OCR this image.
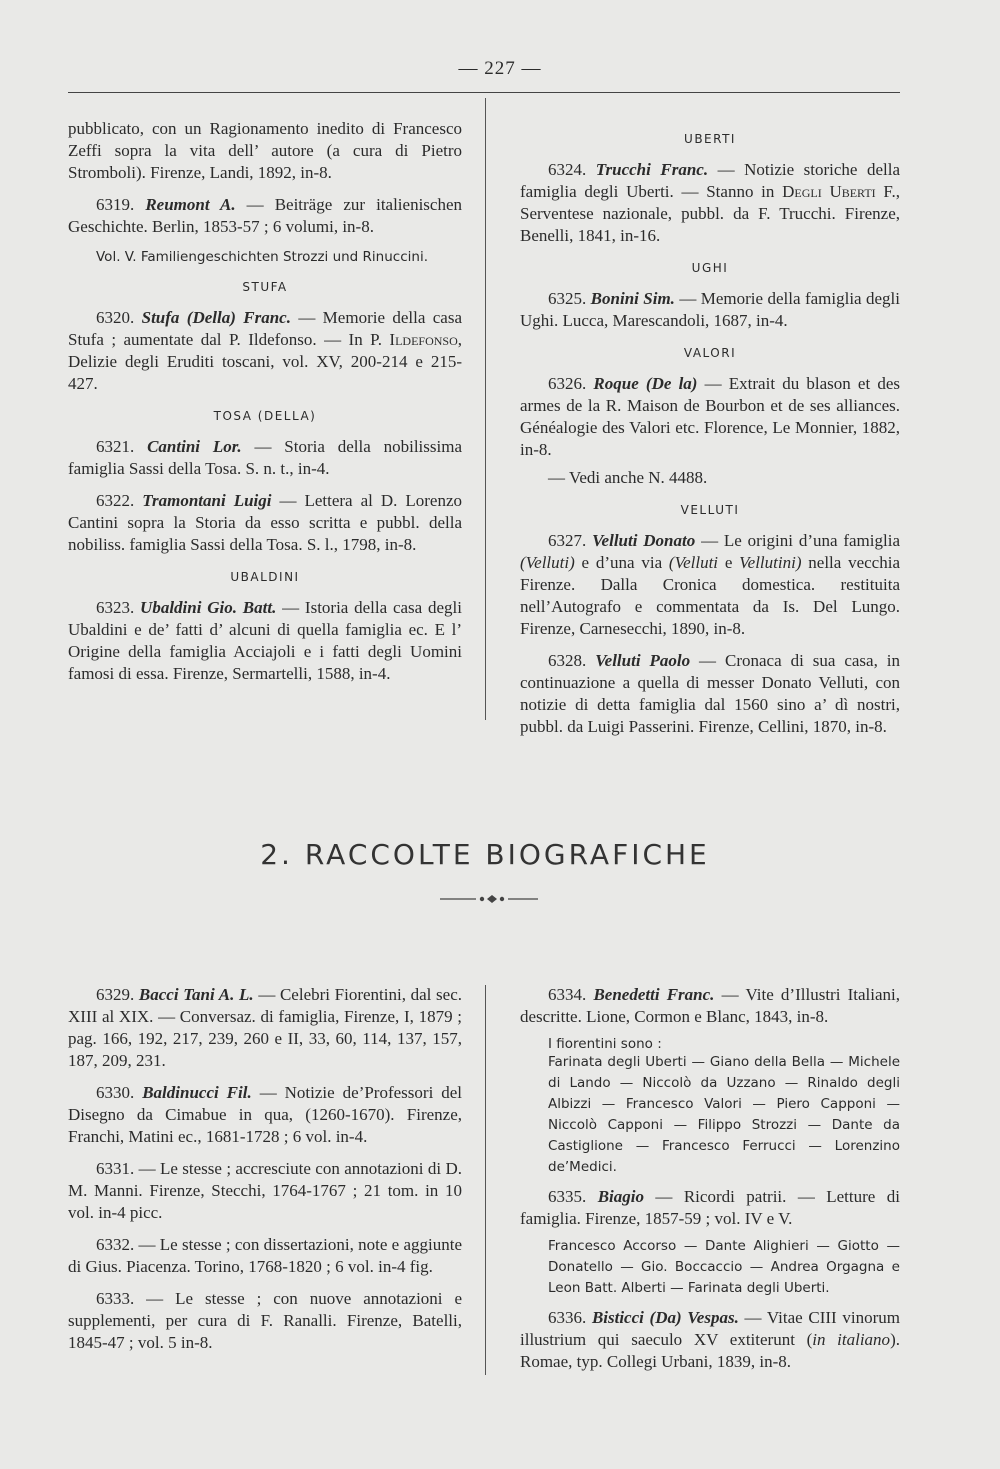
— 227 —

pubblicato, con un Ragionamento inedito di Francesco Zeffi sopra la vita dell’ autore (a cura di Pietro Stromboli). Firenze, Landi, 1892, in-8.

6319. Reumont A. — Beiträge zur italienischen Geschichte. Berlin, 1853-57 ; 6 volumi, in-8.

Vol. V. Familiengeschichten Strozzi und Rinuccini.

STUFA

6320. Stufa (Della) Franc. — Memorie della casa Stufa ; aumentate dal P. Ildefonso. — In P. Ildefonso, Delizie degli Eruditi toscani, vol. XV, 200-214 e 215-427.

TOSA (DELLA)

6321. Cantini Lor. — Storia della nobilissima famiglia Sassi della Tosa. S. n. t., in-4.

6322. Tramontani Luigi — Lettera al D. Lorenzo Cantini sopra la Storia da esso scritta e pubbl. della nobiliss. famiglia Sassi della Tosa. S. l., 1798, in-8.

UBALDINI

6323. Ubaldini Gio. Batt. — Istoria della casa degli Ubaldini e de’ fatti d’ alcuni di quella famiglia ec. E l’ Origine della famiglia Acciajoli e i fatti degli Uomini famosi di essa. Firenze, Sermartelli, 1588, in-4.

UBERTI

6324. Trucchi Franc. — Notizie storiche della famiglia degli Uberti. — Stanno in Degli Uberti F., Serventese nazionale, pubbl. da F. Trucchi. Firenze, Benelli, 1841, in-16.

UGHI

6325. Bonini Sim. — Memorie della famiglia degli Ughi. Lucca, Marescandoli, 1687, in-4.

VALORI

6326. Roque (De la) — Extrait du blason et des armes de la R. Maison de Bourbon et de ses alliances. Généalogie des Valori etc. Florence, Le Monnier, 1882, in-8.

— Vedi anche N. 4488.

VELLUTI

6327. Velluti Donato — Le origini d’una famiglia (Velluti) e d’una via (Velluti e Vellutini) nella vecchia Firenze. Dalla Cronica domestica. restituita nell’Autografo e commentata da Is. Del Lungo. Firenze, Carnesecchi, 1890, in-8.

6328. Velluti Paolo — Cronaca di sua casa, in continuazione a quella di messer Donato Velluti, con notizie di detta famiglia dal 1560 sino a’ dì nostri, pubbl. da Luigi Passerini. Firenze, Cellini, 1870, in-8.

2. RACCOLTE BIOGRAFICHE

6329. Bacci Tani A. L. — Celebri Fiorentini, dal sec. XIII al XIX. — Conversaz. di famiglia, Firenze, I, 1879 ; pag. 166, 192, 217, 239, 260 e II, 33, 60, 114, 137, 157, 187, 209, 231.

6330. Baldinucci Fil. — Notizie de’Professori del Disegno da Cimabue in qua, (1260-1670). Firenze, Franchi, Matini ec., 1681-1728 ; 6 vol. in-4.

6331. — Le stesse ; accresciute con annotazioni di D. M. Manni. Firenze, Stecchi, 1764-1767 ; 21 tom. in 10 vol. in-4 picc.

6332. — Le stesse ; con dissertazioni, note e aggiunte di Gius. Piacenza. Torino, 1768-1820 ; 6 vol. in-4 fig.

6333. — Le stesse ; con nuove annotazioni e supplementi, per cura di F. Ranalli. Firenze, Batelli, 1845-47 ; vol. 5 in-8.

6334. Benedetti Franc. — Vite d’Illustri Italiani, descritte. Lione, Cormon e Blanc, 1843, in-8.

I fiorentini sono :

Farinata degli Uberti — Giano della Bella — Michele di Lando — Niccolò da Uzzano — Rinaldo degli Albizzi — Francesco Valori — Piero Capponi — Niccolò Capponi — Filippo Strozzi — Dante da Castiglione — Francesco Ferrucci — Lorenzino de’Medici.

6335. Biagio — Ricordi patrii. — Letture di famiglia. Firenze, 1857-59 ; vol. IV e V.

Francesco Accorso — Dante Alighieri — Giotto — Donatello — Gio. Boccaccio — Andrea Orgagna e Leon Batt. Alberti — Farinata degli Uberti.

6336. Bisticci (Da) Vespas. — Vitae CIII vinorum illustrium qui saeculo XV extiterunt (in italiano). Romae, typ. Collegi Urbani, 1839, in-8.
